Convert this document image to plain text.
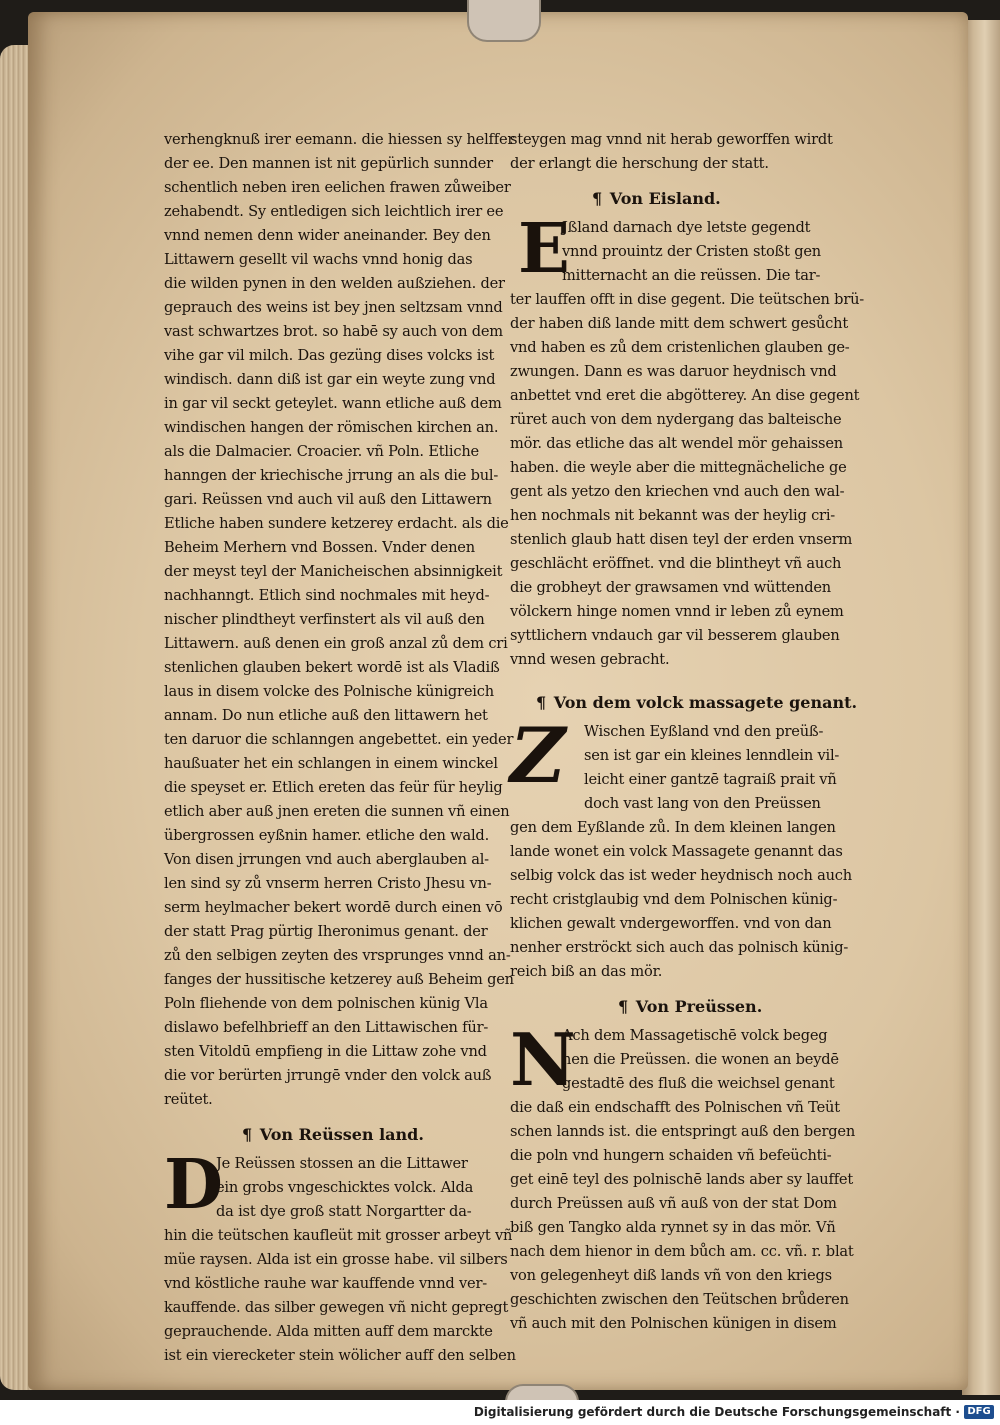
verhengknuß irer eemann. die hiessen sy helffer
der ee. Den mannen ist nit gepürlich sunnder
schentlich neben iren eelichen frawen zůweiber
zehabendt. Sy entledigen sich leichtlich irer ee
vnnd nemen denn wider aneinander. Bey den
Littawern gesellt vil wachs vnnd honig das
die wilden pynen in den welden außziehen. der
geprauch des weins ist bey jnen seltzsam vnnd
vast schwartzes brot. so habē sy auch von dem
vihe gar vil milch. Das gezüng dises volcks ist
windisch. dann diß ist gar ein weyte zung vnd
in gar vil seckt geteylet. wann etliche auß dem
windischen hangen der römischen kirchen an.
als die Dalmacier. Croacier. vñ Poln. Etliche
hanngen der kriechische jrrung an als die bul-
gari. Reüssen vnd auch vil auß den Littawern
Etliche haben sundere ketzerey erdacht. als die
Beheim Merhern vnd Bossen. Vnder denen
der meyst teyl der Manicheischen absinnigkeit
nachhanngt. Etlich sind nochmales mit heyd-
nischer plindtheyt verfinstert als vil auß den
Littawern. auß denen ein groß anzal zů dem cri
stenlichen glauben bekert wordē ist als Vladiß
laus in disem volcke des Polnische künigreich
annam. Do nun etliche auß den littawern het
ten daruor die schlanngen angebettet. ein yeder
haußuater het ein schlangen in einem winckel
die speyset er. Etlich ereten das feür für heylig
etlich aber auß jnen ereten die sunnen vñ einen
übergrossen eyßnin hamer. etliche den wald.
Von disen jrrungen vnd auch aberglauben al-
len sind sy zů vnserm herren Cristo Jhesu vn-
serm heylmacher bekert wordē durch einen vō
der statt Prag pürtig Iheronimus genant. der
zů den selbigen zeyten des vrsprunges vnnd an-
fanges der hussitische ketzerey auß Beheim gen
Poln fliehende von dem polnischen künig Vla
dislawo befelhbrieff an den Littawischen für-
sten Vitoldū empfieng in die Littaw zohe vnd
die vor berürten jrrungē vnder den volck auß
reütet.
¶ Von Reüssen land.
D
Je Reüssen stossen an die Littawer
ein grobs vngeschicktes volck. Alda
da ist dye groß statt Norgartter da-
hin die teütschen kaufleüt mit grosser arbeyt vñ
müe raysen. Alda ist ein grosse habe. vil silbers
vnd köstliche rauhe war kauffende vnnd ver-
kauffende. das silber gewegen vñ nicht gepregt
geprauchende. Alda mitten auff dem marckte
ist ein vierecketer stein wölicher auff den selben
steygen mag vnnd nit herab geworffen wirdt
der erlangt die herschung der statt.
¶ Von Eisland.
E
Jßland darnach dye letste gegendt
vnnd prouintz der Cristen stoßt gen
mitternacht an die reüssen. Die tar-
ter lauffen offt in dise gegent. Die teütschen brü-
der haben diß lande mitt dem schwert gesůcht
vnd haben es zů dem cristenlichen glauben ge-
zwungen. Dann es was daruor heydnisch vnd
anbettet vnd eret die abgötterey. An dise gegent
rüret auch von dem nydergang das balteische
mör. das etliche das alt wendel mör gehaissen
haben. die weyle aber die mittegnächeliche ge
gent als yetzo den kriechen vnd auch den wal-
hen nochmals nit bekannt was der heylig cri-
stenlich glaub hatt disen teyl der erden vnserm
geschlächt eröffnet. vnd die blintheyt vñ auch
die grobheyt der grawsamen vnd wüttenden
völckern hinge nomen vnnd ir leben zů eynem
syttlichern vndauch gar vil besserem glauben
vnnd wesen gebracht.
¶ Von dem volck massagete genant.
Z	Wischen Eyßland vnd den preüß-
sen ist gar ein kleines lenndlein vil-
leicht einer gantzē tagraiß prait vñ
doch vast lang von den Preüssen
gen dem Eyßlande zů. In dem kleinen langen
lande wonet ein volck Massagete genannt das
selbig volck das ist weder heydnisch noch auch
recht cristglaubig vnd dem Polnischen künig-
klichen gewalt vndergeworffen. vnd von dan
nenher erströckt sich auch das polnisch künig-
reich biß an das mör.
¶ Von Preüssen.
N
Ach dem Massagetischē volck begeg
nen die Preüssen. die wonen an beydē
gestadtē des fluß die weichsel genant
die daß ein endschafft des Polnischen vñ Teüt
schen lannds ist. die entspringt auß den bergen
die poln vnd hungern schaiden vñ befeüchti-
get einē teyl des polnischē lands aber sy lauffet
durch Preüssen auß vñ auß von der stat Dom
biß gen Tangko alda rynnet sy in das mör. Vñ
nach dem hienor in dem bůch am. cc. vñ. r. blat
von gelegenheyt diß lands vñ von den kriegs
geschichten zwischen den Teütschen brůderen
vñ auch mit den Polnischen künigen in disem
Digitalisierung gefördert durch die Deutsche Forschungsgemeinschaft · DFG
